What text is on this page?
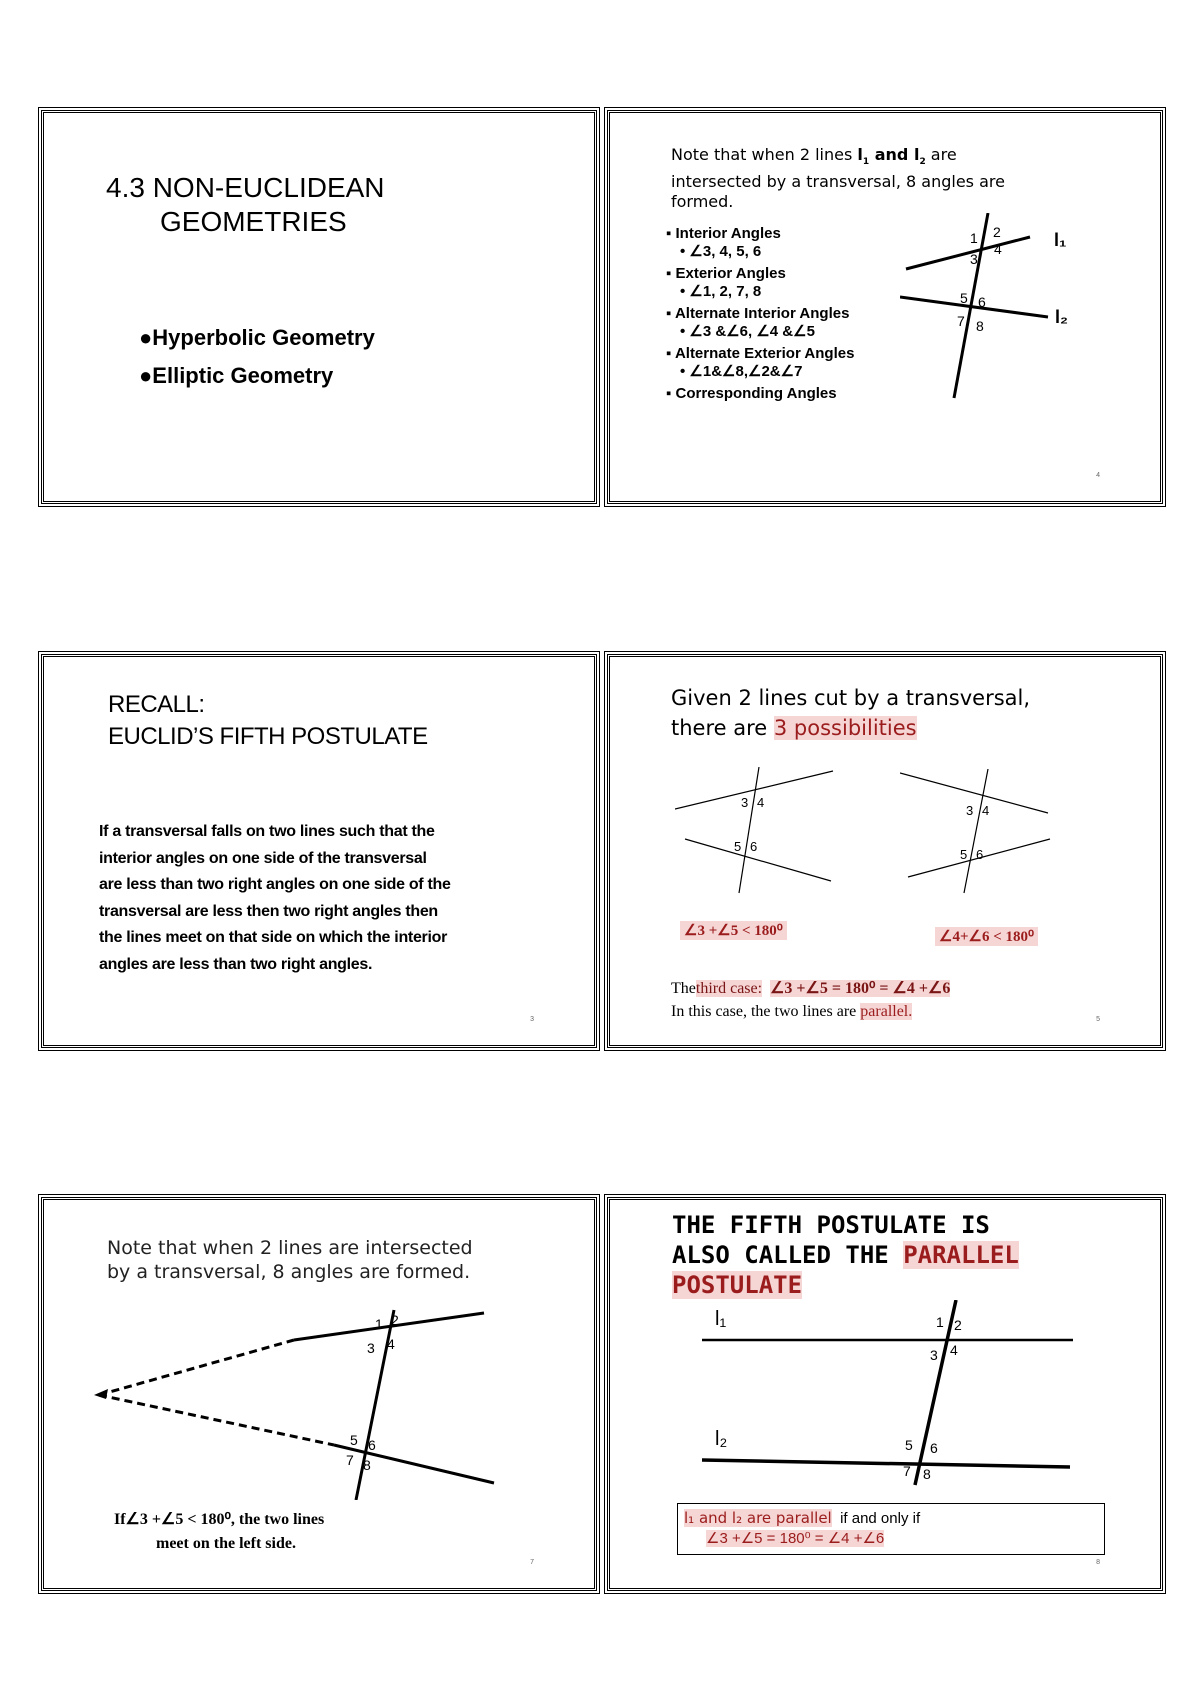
4.3 NON-EUCLIDEAN
GEOMETRIES
●Hyperbolic Geometry
●Elliptic Geometry
Note that when 2 lines $l_1$ and $l_2$ are
intersected by a transversal, 8 angles are
formed.
▪ Interior Angles
• ∠3, 4, 5, 6
▪ Exterior Angles
• ∠1, 2, 7, 8
▪ Alternate Interior Angles
• ∠3 &∠6, ∠4 &∠5
▪ Alternate Exterior Angles
• ∠1&∠8,∠2&∠7
▪ Corresponding Angles
1 2
3
4
5 6
7 8
l₁
l₂
4
RECALL:
EUCLID’S FIFTH POSTULATE
If a transversal falls on two lines such that the
interior angles on one side of the transversal
are less than two right angles on one side of the
transversal are less then two right angles then
the lines meet on that side on which the interior
angles are less than two right angles.
3
Given 2 lines cut by a transversal,
there are 3 possibilities
3 4
5 6
3 4
5 6
∠3 +∠5 < 180⁰	∠4+∠6 < 180⁰
Thethird case: ∠3 +∠5 = 180⁰ = ∠4 +∠6
In this case, the two lines are parallel.	5
Note that when 2 lines are intersected
by a transversal, 8 angles are formed.
1 2
3 4
5 6
7 8
If∠3 +∠5 < 180⁰, the two lines
meet on the left side.
7
THE FIFTH POSTULATE IS
ALSO CALLED THE PARALLEL
POSTULATE
l₁
l₂
1 2
3 4
5 6
7 8
l₁ and l₂ are parallel if and only if
∠3 +∠5 = 180⁰ = ∠4 +∠6
8
